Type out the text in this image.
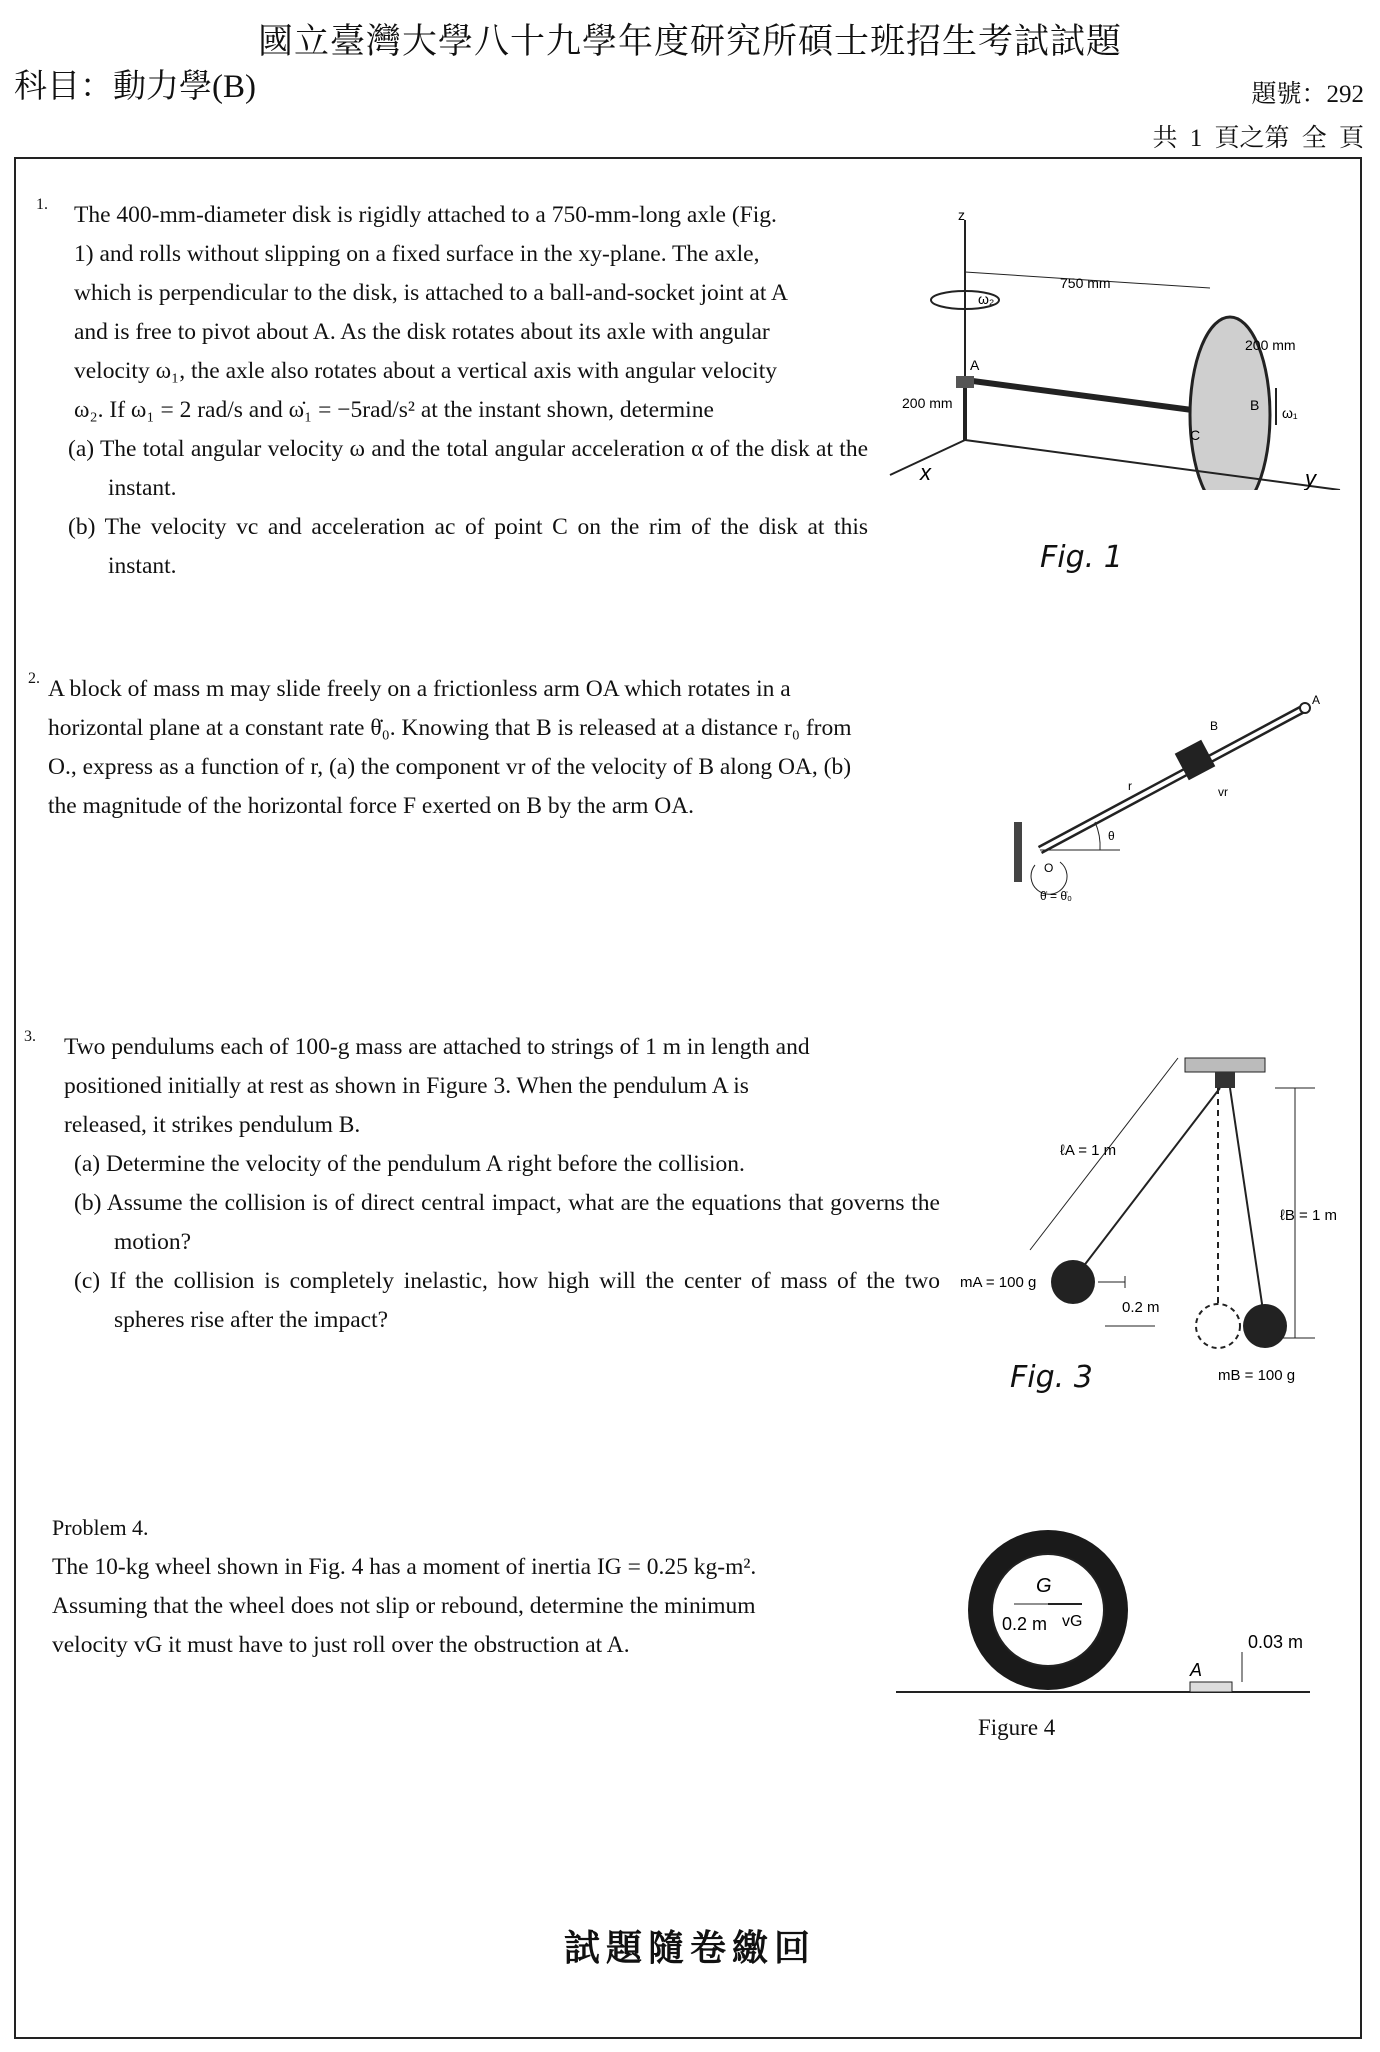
國立臺灣大學八十九學年度研究所碩士班招生考試試題
科目：動力學(B)	題號：292
共 1 頁之第 全 頁
1. The 400-mm-diameter disk is rigidly attached to a 750-mm-long axle (Fig.
1) and rolls without slipping on a fixed surface in the xy-plane. The axle,
which is perpendicular to the disk, is attached to a ball-and-socket joint at A
and is free to pivot about A. As the disk rotates about its axle with angular
velocity ω₁, the axle also rotates about a vertical axis with angular velocity
ω₂. If ω₁ = 2 rad/s and ω̇₁ = −5rad/s² at the instant shown, determine
(a) The total angular velocity ω and the total angular acceleration α of the disk at the instant.
(b) The velocity vc and acceleration ac of point C on the rim of the disk at this instant.
z
ω₂
750 mm
A
200 mm	B
C
200 mm
ω₁
x	y
Fig. 1
2. A block of mass m may slide freely on a frictionless arm OA which rotates in a
horizontal plane at a constant rate θ̇₀. Knowing that B is released at a distance r₀ from
O., express as a function of r, (a) the component vr of the velocity of B along OA, (b)
the magnitude of the horizontal force F exerted on B by the arm OA.
A
B
r	vr
θ
O
θ̇ = θ̇₀
3. Two pendulums each of 100-g mass are attached to strings of 1 m in length and
positioned initially at rest as shown in Figure 3. When the pendulum A is
released, it strikes pendulum B.
(a) Determine the velocity of the pendulum A right before the collision.
(b) Assume the collision is of direct central impact, what are the equations that governs the motion?
(c) If the collision is completely inelastic, how high will the center of mass of the two spheres rise after the impact?
ℓA = 1 m
ℓB = 1 m
mA = 100 g
0.2 m
mB = 100 g
Fig. 3
Problem 4.
The 10-kg wheel shown in Fig. 4 has a moment of inertia IG = 0.25 kg-m².
Assuming that the wheel does not slip or rebound, determine the minimum
velocity vG it must have to just roll over the obstruction at A.
G
0.2 m vG
A
0.03 m
Figure 4
試題隨卷繳回
